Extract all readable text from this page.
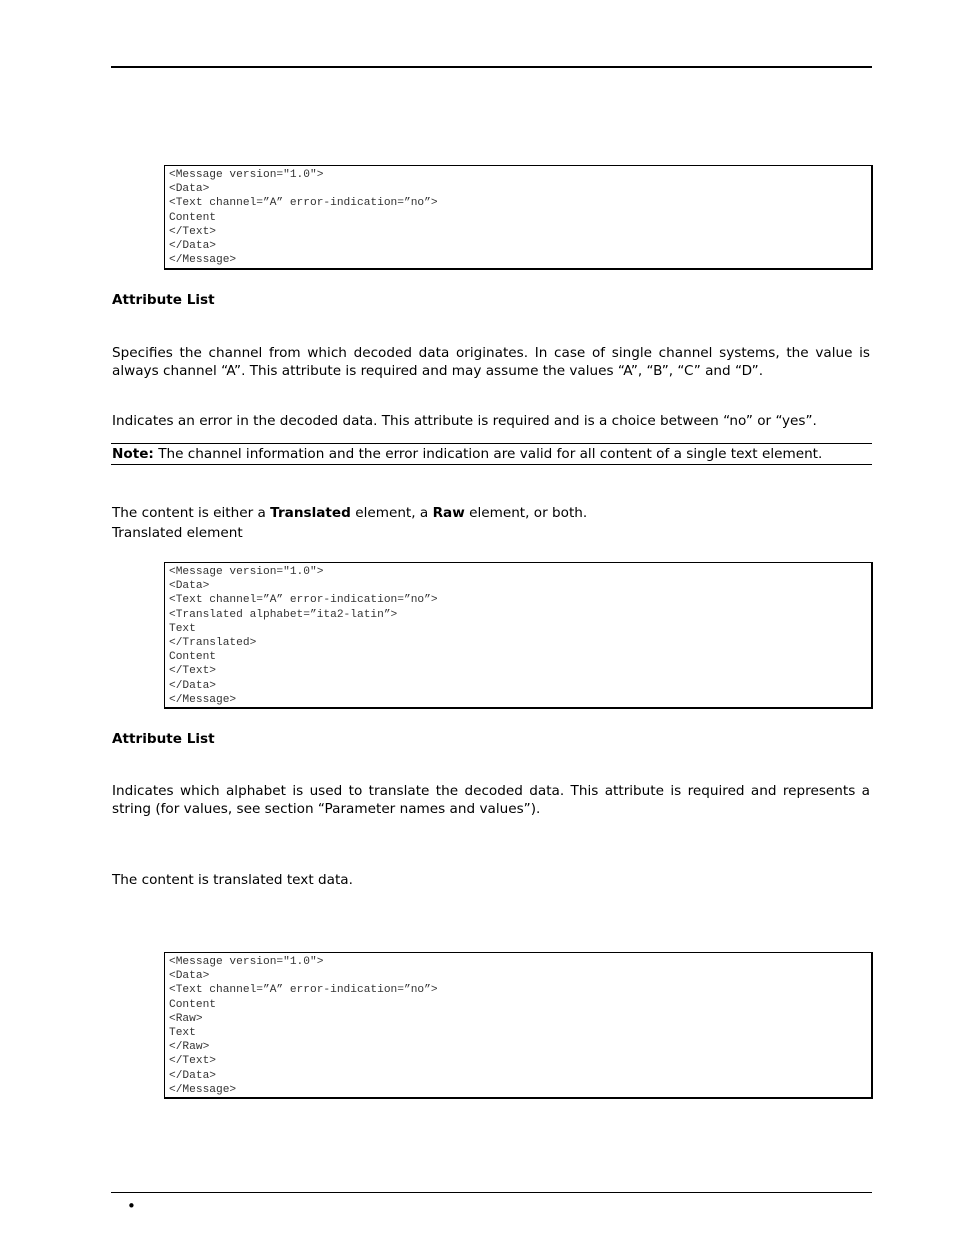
<Message version="1.0">
<Data>
<Text channel=”A” error-indication=”no”>
Content
</Text>
</Data>
</Message>

Attribute List

Specifies the channel from which decoded data originates. In case of single channel systems, the value is always channel “A”. This attribute is required and may assume the values “A”, “B”, “C” and “D”.

Indicates an error in the decoded data. This attribute is required and is a choice between “no” or “yes”.

Note: The channel information and the error indication are valid for all content of a single text element.

The content is either a Translated element, a Raw element, or both.

Translated element

<Message version="1.0">
<Data>
<Text channel=”A” error-indication=”no”>
<Translated alphabet=”ita2-latin”>
Text
</Translated>
Content
</Text>
</Data>
</Message>

Attribute List

Indicates which alphabet is used to translate the decoded data. This attribute is required and represents a string (for values, see section “Parameter names and values”).

The content is translated text data.

<Message version="1.0">
<Data>
<Text channel=”A” error-indication=”no”>
Content
<Raw>
Text
</Raw>
</Text>
</Data>
</Message>
•
